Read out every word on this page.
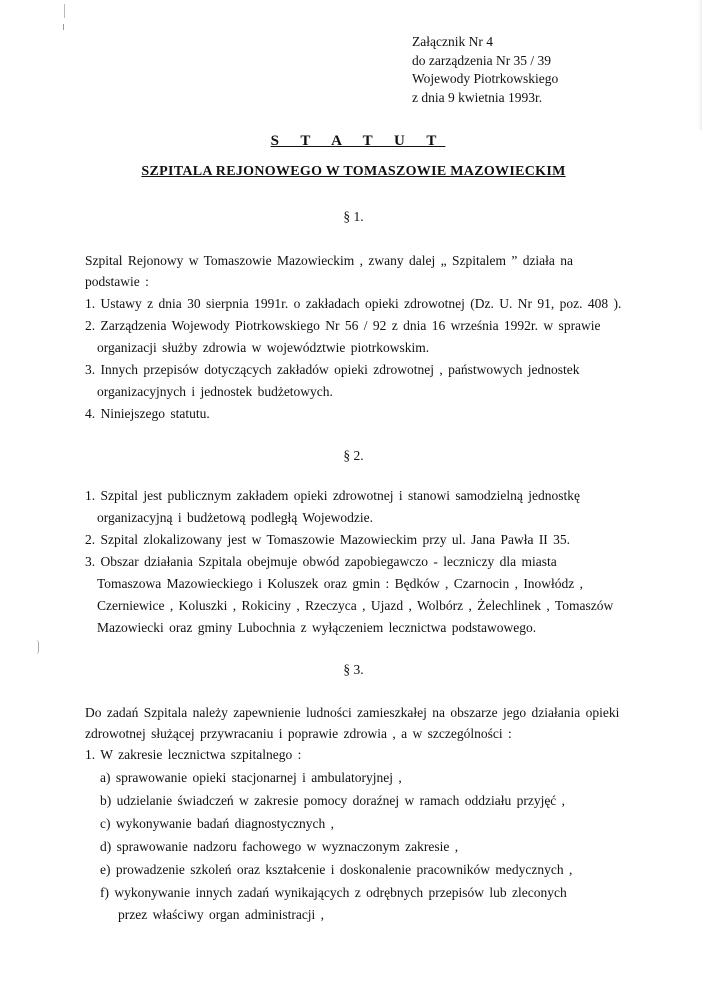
Załącznik Nr 4
do zarządzenia Nr 35 / 39
Wojewody Piotrkowskiego
z dnia 9 kwietnia 1993r.
S T A T U T
SZPITALA REJONOWEGO W TOMASZOWIE MAZOWIECKIM
§ 1.
Szpital Rejonowy w Tomaszowie Mazowieckim , zwany dalej „ Szpitalem ” działa na
podstawie :
1. Ustawy z dnia 30 sierpnia 1991r. o zakładach opieki zdrowotnej (Dz. U. Nr 91, poz. 408 ).
2. Zarządzenia Wojewody Piotrkowskiego Nr 56 / 92 z dnia 16 września 1992r. w sprawie
organizacji służby zdrowia w województwie piotrkowskim.
3. Innych przepisów dotyczących zakładów opieki zdrowotnej , państwowych jednostek
organizacyjnych i jednostek budżetowych.
4. Niniejszego statutu.
§ 2.
1. Szpital jest publicznym zakładem opieki zdrowotnej i stanowi samodzielną jednostkę
organizacyjną i budżetową podległą Wojewodzie.
2. Szpital zlokalizowany jest w Tomaszowie Mazowieckim przy ul. Jana Pawła II 35.
3. Obszar działania Szpitala obejmuje obwód zapobiegawczo - leczniczy dla miasta
Tomaszowa Mazowieckiego i Koluszek oraz gmin : Będków , Czarnocin , Inowłódz ,
Czerniewice , Koluszki , Rokiciny , Rzeczyca , Ujazd , Wolbórz , Żelechlinek , Tomaszów
Mazowiecki oraz gminy Lubochnia z wyłączeniem lecznictwa podstawowego.
§ 3.
Do zadań Szpitala należy zapewnienie ludności zamieszkałej na obszarze jego działania opieki
zdrowotnej służącej przywracaniu i poprawie zdrowia , a w szczególności :
1. W zakresie lecznictwa szpitalnego :
a) sprawowanie opieki stacjonarnej i ambulatoryjnej ,
b) udzielanie świadczeń w zakresie pomocy doraźnej w ramach oddziału przyjęć ,
c) wykonywanie badań diagnostycznych ,
d) sprawowanie nadzoru fachowego w wyznaczonym zakresie ,
e) prowadzenie szkoleń oraz kształcenie i doskonalenie pracowników medycznych ,
f) wykonywanie innych zadań wynikających z odrębnych przepisów lub zleconych
przez właściwy organ administracji ,
